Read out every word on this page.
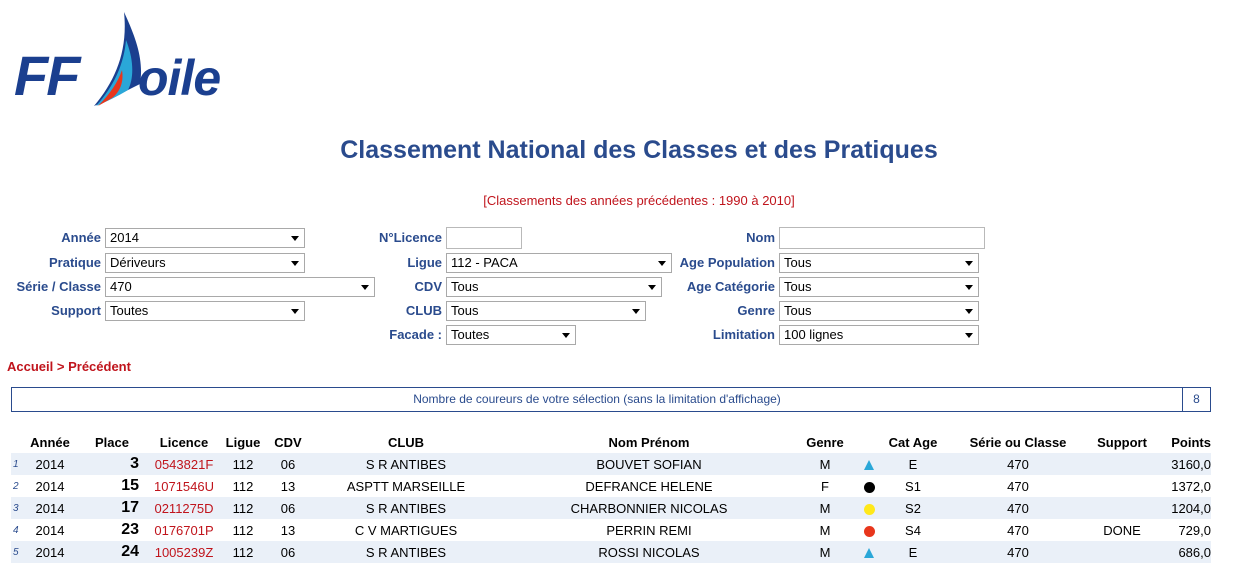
FF oile
Classement National des Classes et des Pratiques
[Classements des années précédentes : 1990 à 2010]
Année 2014
Pratique Dériveurs
Série / Classe 470
Support Toutes
N°Licence
Ligue 112 - PACA
CDV Tous
CLUB Tous
Facade : Toutes
Nom
Age Population Tous
Age Catégorie Tous
Genre Tous
Limitation 100 lignes
Accueil > Précédent
Nombre de coureurs de votre sélection (sans la limitation d'affichage)	8
	Année	Place	Licence	Ligue	CDV	CLUB	Nom Prénom	Genre		Cat Age	Série ou Classe	Support	Points
1	2014	3	0543821F	112	06	S R ANTIBES	BOUVET SOFIAN	M		E	470		3160,0
2	2014	15	1071546U	112	13	ASPTT MARSEILLE	DEFRANCE HELENE	F		S1	470		1372,0
3	2014	17	0211275D	112	06	S R ANTIBES	CHARBONNIER NICOLAS	M		S2	470		1204,0
4	2014	23	0176701P	112	13	C V MARTIGUES	PERRIN REMI	M		S4	470	DONE	729,0
5	2014	24	1005239Z	112	06	S R ANTIBES	ROSSI NICOLAS	M		E	470		686,0
